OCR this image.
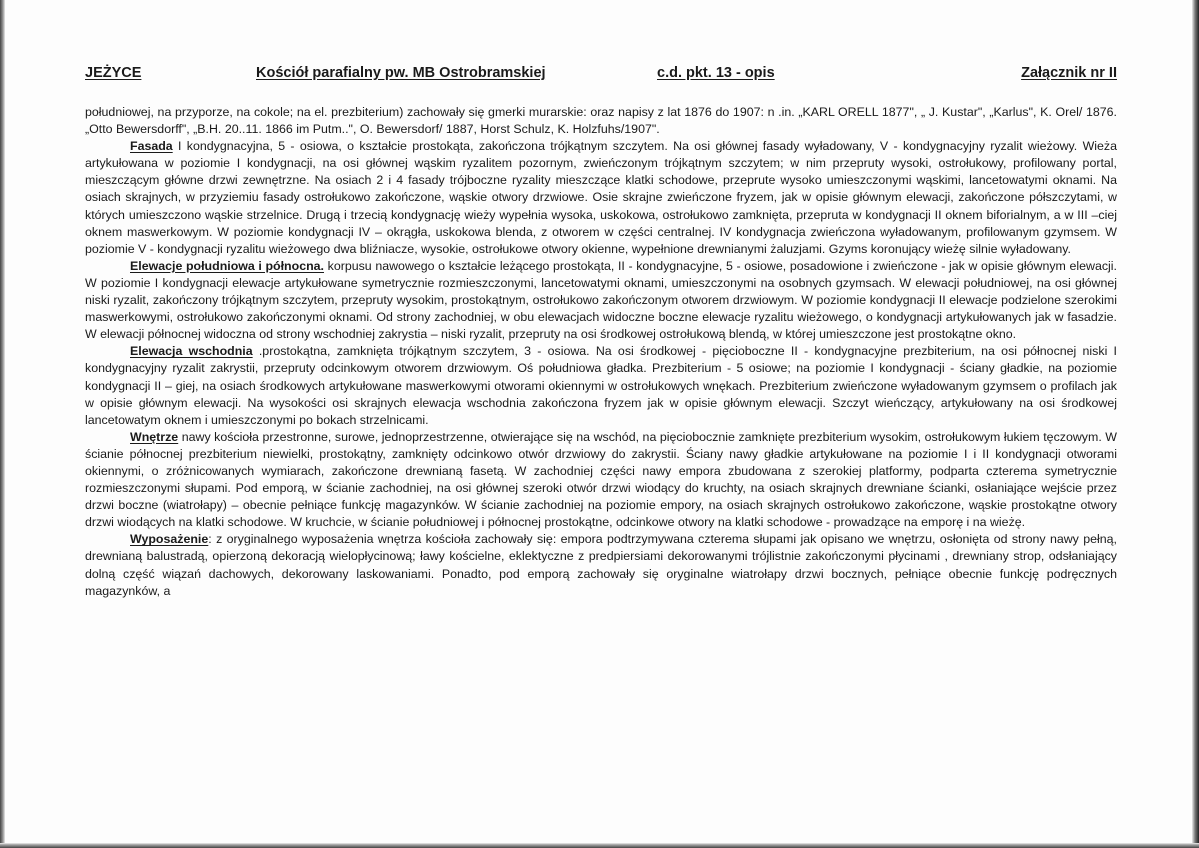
JEŻYCE	Kościół parafialny pw. MB Ostrobramskiej	c.d. pkt. 13 - opis	Załącznik nr II

południowej, na przyporze, na cokole; na el. prezbiterium) zachowały się gmerki murarskie: oraz napisy z lat 1876 do 1907: n .in. „KARL ORELL 1877", „ J. Kustar", „Karlus", K. Orel/ 1876. „Otto Bewersdorff", „B.H. 20..11. 1866 im Putm..", O. Bewersdorf/ 1887, Horst Schulz, K. Holzfuhs/1907".

Fasada I kondygnacyjna, 5 - osiowa, o kształcie prostokąta, zakończona trójkątnym szczytem. Na osi głównej fasady wyładowany, V - kondygnacyjny ryzalit wieżowy. Wieża artykułowana w poziomie I kondygnacji, na osi głównej wąskim ryzalitem pozornym, zwieńczonym trójkątnym szczytem; w nim przepruty wysoki, ostrołukowy, profilowany portal, mieszczącym główne drzwi zewnętrzne. Na osiach 2 i 4 fasady trójboczne ryzality mieszczące klatki schodowe, przeprute wysoko umieszczonymi wąskimi, lancetowatymi oknami. Na osiach skrajnych, w przyziemiu fasady ostrołukowo zakończone, wąskie otwory drzwiowe. Osie skrajne zwieńczone fryzem, jak w opisie głównym elewacji, zakończone półszczytami, w których umieszczono wąskie strzelnice. Drugą i trzecią kondygnację wieży wypełnia wysoka, uskokowa, ostrołukowo zamknięta, przepruta w kondygnacji II oknem biforialnym, a w III –ciej oknem maswerkowym. W poziomie kondygnacji IV – okrągła, uskokowa blenda, z otworem w części centralnej. IV kondygnacja zwieńczona wyładowanym, profilowanym gzymsem. W poziomie V - kondygnacji ryzalitu wieżowego dwa bliźniacze, wysokie, ostrołukowe otwory okienne, wypełnione drewnianymi żaluzjami. Gzyms koronujący wieżę silnie wyładowany.

Elewacje południowa i północna. korpusu nawowego o kształcie leżącego prostokąta, II - kondygnacyjne, 5 - osiowe, posadowione i zwieńczone - jak w opisie głównym elewacji. W poziomie I kondygnacji elewacje artykułowane symetrycznie rozmieszczonymi, lancetowatymi oknami, umieszczonymi na osobnych gzymsach. W elewacji południowej, na osi głównej niski ryzalit, zakończony trójkątnym szczytem, przepruty wysokim, prostokątnym, ostrołukowo zakończonym otworem drzwiowym. W poziomie kondygnacji II elewacje podzielone szerokimi maswerkowymi, ostrołukowo zakończonymi oknami. Od strony zachodniej, w obu elewacjach widoczne boczne elewacje ryzalitu wieżowego, o kondygnacji artykułowanych jak w fasadzie. W elewacji północnej widoczna od strony wschodniej zakrystia – niski ryzalit, przepruty na osi środkowej ostrołukową blendą, w której umieszczone jest prostokątne okno.

Elewacja wschodnia .prostokątna, zamknięta trójkątnym szczytem, 3 - osiowa. Na osi środkowej - pięcioboczne II - kondygnacyjne prezbiterium, na osi północnej niski I kondygnacyjny ryzalit zakrystii, przepruty odcinkowym otworem drzwiowym. Oś południowa gładka. Prezbiterium - 5 osiowe; na poziomie I kondygnacji - ściany gładkie, na poziomie kondygnacji II – giej, na osiach środkowych artykułowane maswerkowymi otworami okiennymi w ostrołukowych wnękach. Prezbiterium zwieńczone wyładowanym gzymsem o profilach jak w opisie głównym elewacji. Na wysokości osi skrajnych elewacja wschodnia zakończona fryzem jak w opisie głównym elewacji. Szczyt wieńczący, artykułowany na osi środkowej lancetowatym oknem i umieszczonymi po bokach strzelnicami.

Wnętrze nawy kościoła przestronne, surowe, jednoprzestrzenne, otwierające się na wschód, na pięciobocznie zamknięte prezbiterium wysokim, ostrołukowym łukiem tęczowym. W ścianie północnej prezbiterium niewielki, prostokątny, zamknięty odcinkowo otwór drzwiowy do zakrystii. Ściany nawy gładkie artykułowane na poziomie I i II kondygnacji otworami okiennymi, o zróżnicowanych wymiarach, zakończone drewnianą fasetą. W zachodniej części nawy empora zbudowana z szerokiej platformy, podparta czterema symetrycznie rozmieszczonymi słupami. Pod emporą, w ścianie zachodniej, na osi głównej szeroki otwór drzwi wiodący do kruchty, na osiach skrajnych drewniane ścianki, osłaniające wejście przez drzwi boczne (wiatrołapy) – obecnie pełniące funkcję magazynków. W ścianie zachodniej na poziomie empory, na osiach skrajnych ostrołukowo zakończone, wąskie prostokątne otwory drzwi wiodących na klatki schodowe. W kruchcie, w ścianie południowej i północnej prostokątne, odcinkowe otwory na klatki schodowe - prowadzące na emporę i na wieżę.

Wyposażenie: z oryginalnego wyposażenia wnętrza kościoła zachowały się: empora podtrzymywana czterema słupami jak opisano we wnętrzu, osłonięta od strony nawy pełną, drewnianą balustradą, opierzoną dekoracją wielopłycinową; ławy kościelne, eklektyczne z predpiersiami dekorowanymi trójlistnie zakończonymi płycinami , drewniany strop, odsłaniający dolną część wiązań dachowych, dekorowany laskowaniami. Ponadto, pod emporą zachowały się oryginalne wiatrołapy drzwi bocznych, pełniące obecnie funkcję podręcznych magazynków, a
